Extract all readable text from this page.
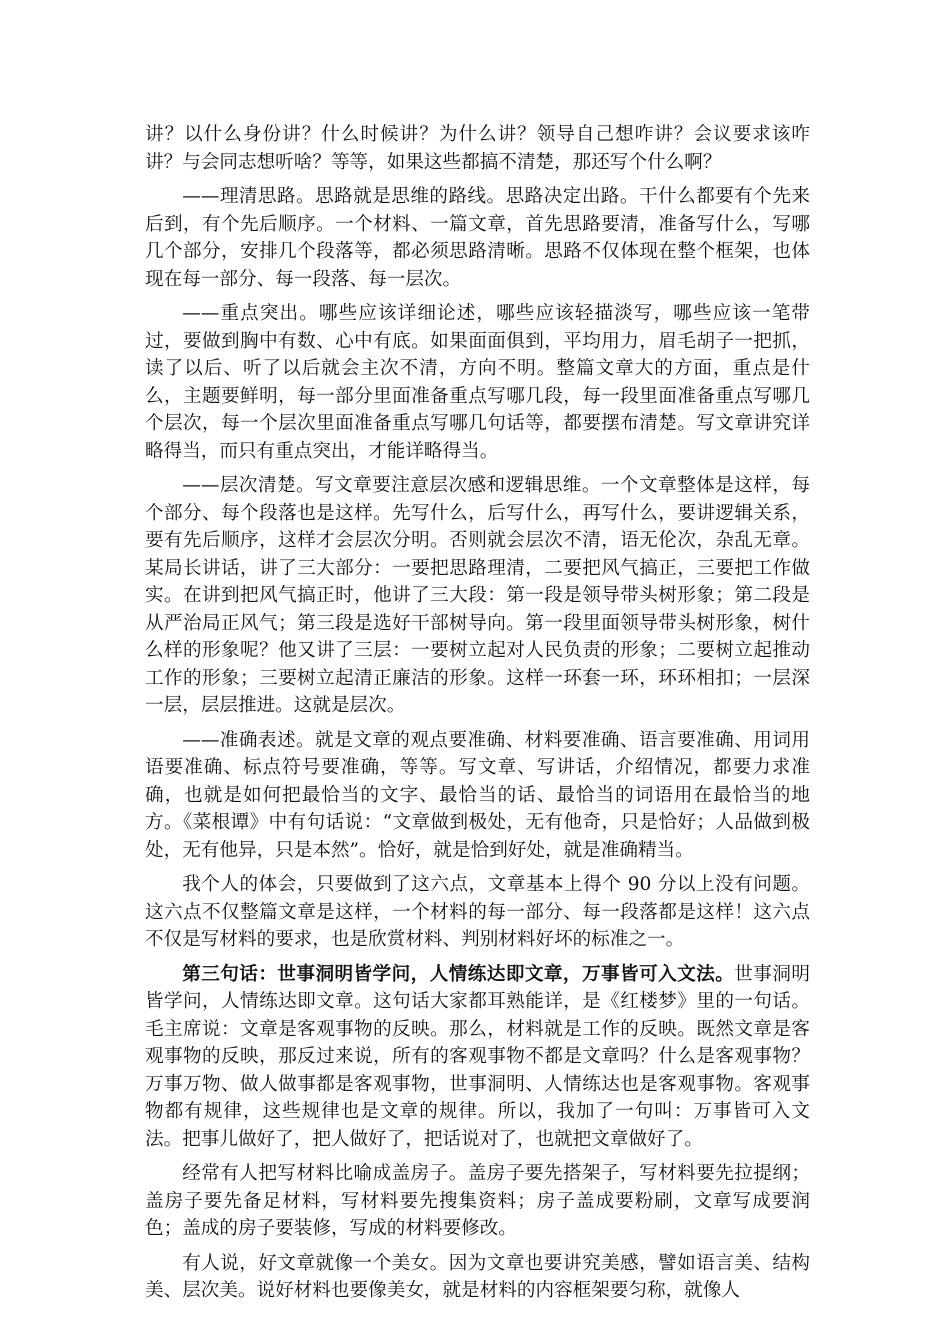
讲？以什么身份讲？什么时候讲？为什么讲？领导自己想咋讲？会议要求该咋讲？与会同志想听啥？等等，如果这些都搞不清楚，那还写个什么啊？

——理清思路。思路就是思维的路线。思路决定出路。干什么都要有个先来后到，有个先后顺序。一个材料、一篇文章，首先思路要清，准备写什么，写哪几个部分，安排几个段落等，都必须思路清晰。思路不仅体现在整个框架，也体现在每一部分、每一段落、每一层次。

——重点突出。哪些应该详细论述，哪些应该轻描淡写，哪些应该一笔带过，要做到胸中有数、心中有底。如果面面俱到，平均用力，眉毛胡子一把抓，读了以后、听了以后就会主次不清，方向不明。整篇文章大的方面，重点是什么，主题要鲜明，每一部分里面准备重点写哪几段，每一段里面准备重点写哪几个层次，每一个层次里面准备重点写哪几句话等，都要摆布清楚。写文章讲究详略得当，而只有重点突出，才能详略得当。

——层次清楚。写文章要注意层次感和逻辑思维。一个文章整体是这样，每个部分、每个段落也是这样。先写什么，后写什么，再写什么，要讲逻辑关系，要有先后顺序，这样才会层次分明。否则就会层次不清，语无伦次，杂乱无章。某局长讲话，讲了三大部分：一要把思路理清，二要把风气搞正，三要把工作做实。在讲到把风气搞正时，他讲了三大段：第一段是领导带头树形象；第二段是从严治局正风气；第三段是选好干部树导向。第一段里面领导带头树形象，树什么样的形象呢？他又讲了三层：一要树立起对人民负责的形象；二要树立起推动工作的形象；三要树立起清正廉洁的形象。这样一环套一环，环环相扣；一层深一层，层层推进。这就是层次。

——准确表述。就是文章的观点要准确、材料要准确、语言要准确、用词用语要准确、标点符号要准确，等等。写文章、写讲话，介绍情况，都要力求准确，也就是如何把最恰当的文字、最恰当的话、最恰当的词语用在最恰当的地方。《菜根谭》中有句话说：“文章做到极处，无有他奇，只是恰好；人品做到极处，无有他异，只是本然”。恰好，就是恰到好处，就是准确精当。

我个人的体会，只要做到了这六点，文章基本上得个 90 分以上没有问题。这六点不仅整篇文章是这样，一个材料的每一部分、每一段落都是这样！这六点不仅是写材料的要求，也是欣赏材料、判别材料好坏的标准之一。

第三句话：世事洞明皆学问，人情练达即文章，万事皆可入文法。世事洞明皆学问，人情练达即文章。这句话大家都耳熟能详，是《红楼梦》里的一句话。毛主席说：文章是客观事物的反映。那么，材料就是工作的反映。既然文章是客观事物的反映，那反过来说，所有的客观事物不都是文章吗？什么是客观事物？万事万物、做人做事都是客观事物，世事洞明、人情练达也是客观事物。客观事物都有规律，这些规律也是文章的规律。所以，我加了一句叫：万事皆可入文法。把事儿做好了，把人做好了，把话说对了，也就把文章做好了。

经常有人把写材料比喻成盖房子。盖房子要先搭架子，写材料要先拉提纲；盖房子要先备足材料，写材料要先搜集资料；房子盖成要粉刷，文章写成要润色；盖成的房子要装修，写成的材料要修改。

有人说，好文章就像一个美女。因为文章也要讲究美感，譬如语言美、结构美、层次美。说好材料也要像美女，就是材料的内容框架要匀称，就像人
